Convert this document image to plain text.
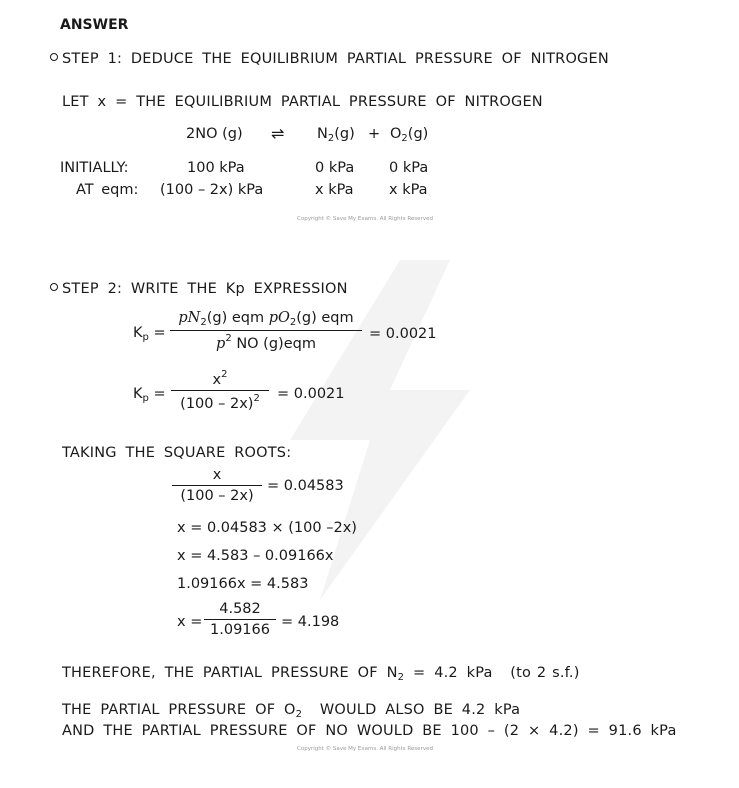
ANSWER
STEP 1: DEDUCE THE EQUILIBRIUM PARTIAL PRESSURE OF NITROGEN
LET x = THE EQUILIBRIUM PARTIAL PRESSURE OF NITROGEN
2NO (g) ⇌ $N_2(g) + O_2(g)$
INITIALLY:	100 kPa	0 kPa 0 kPa
AT eqm: (100 – 2x) kPa	x kPa x kPa
Copyright © Save My Exams. All Rights Reserved
STEP 2: WRITE THE Kp EXPRESSION
$K_p$ =
$pN_2(g)$ eqm $pO_2(g)$ eqm
$p^2$ NO (g)eqm
= 0.0021
$K_p$ =
$x^2$
(100 – 2x)$^2$	= 0.0021
TAKING THE SQUARE ROOTS:
x
(100 – 2x)
= 0.04583
x = 0.04583 × (100 –2x)
x = 4.583 – 0.09166x
1.09166x = 4.583
x =
4.582
1.09166 = 4.198
THEREFORE, THE PARTIAL PRESSURE OF $N_2 = 4.2$ kPa (to 2 s.f.)
THE PARTIAL PRESSURE OF $O_2$ WOULD ALSO BE 4.2 kPa
AND THE PARTIAL PRESSURE OF NO WOULD BE 100 – (2 × 4.2) = 91.6 kPa
Copyright © Save My Exams. All Rights Reserved
